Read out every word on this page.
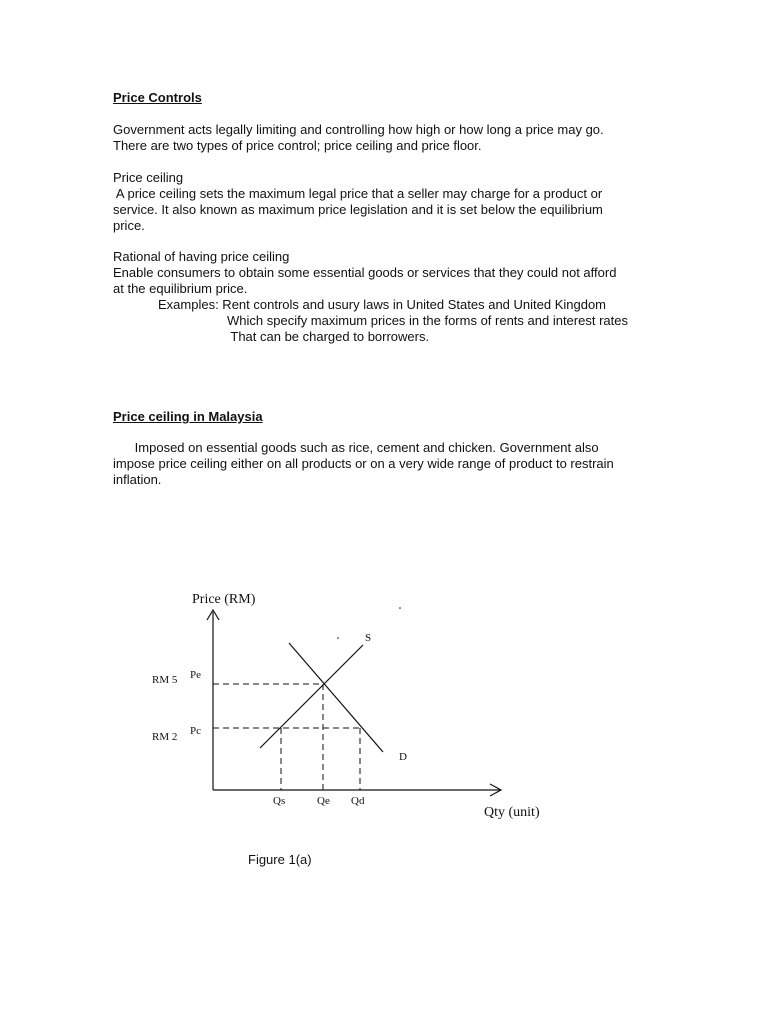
Price Controls
Government acts legally limiting and controlling how high or how long a price may go.
There are two types of price control; price ceiling and price floor.
Price ceiling
A price ceiling sets the maximum legal price that a seller may charge for a product or
service. It also known as maximum price legislation and it is set below the equilibrium
price.
Rational of having price ceiling
Enable consumers to obtain some essential goods or services that they could not afford
at the equilibrium price.
Examples: Rent controls and usury laws in United States and United Kingdom
Which specify maximum prices in the forms of rents and interest rates
That can be charged to borrowers.
Price ceiling in Malaysia
Imposed on essential goods such as rice, cement and chicken. Government also
impose price ceiling either on all products or on a very wide range of product to restrain
inflation.
Price (RM)
S
D
RM 5 Pe
RM 2 Pc
Qs	Qe Qd
Qty (unit)
Figure 1(a)
